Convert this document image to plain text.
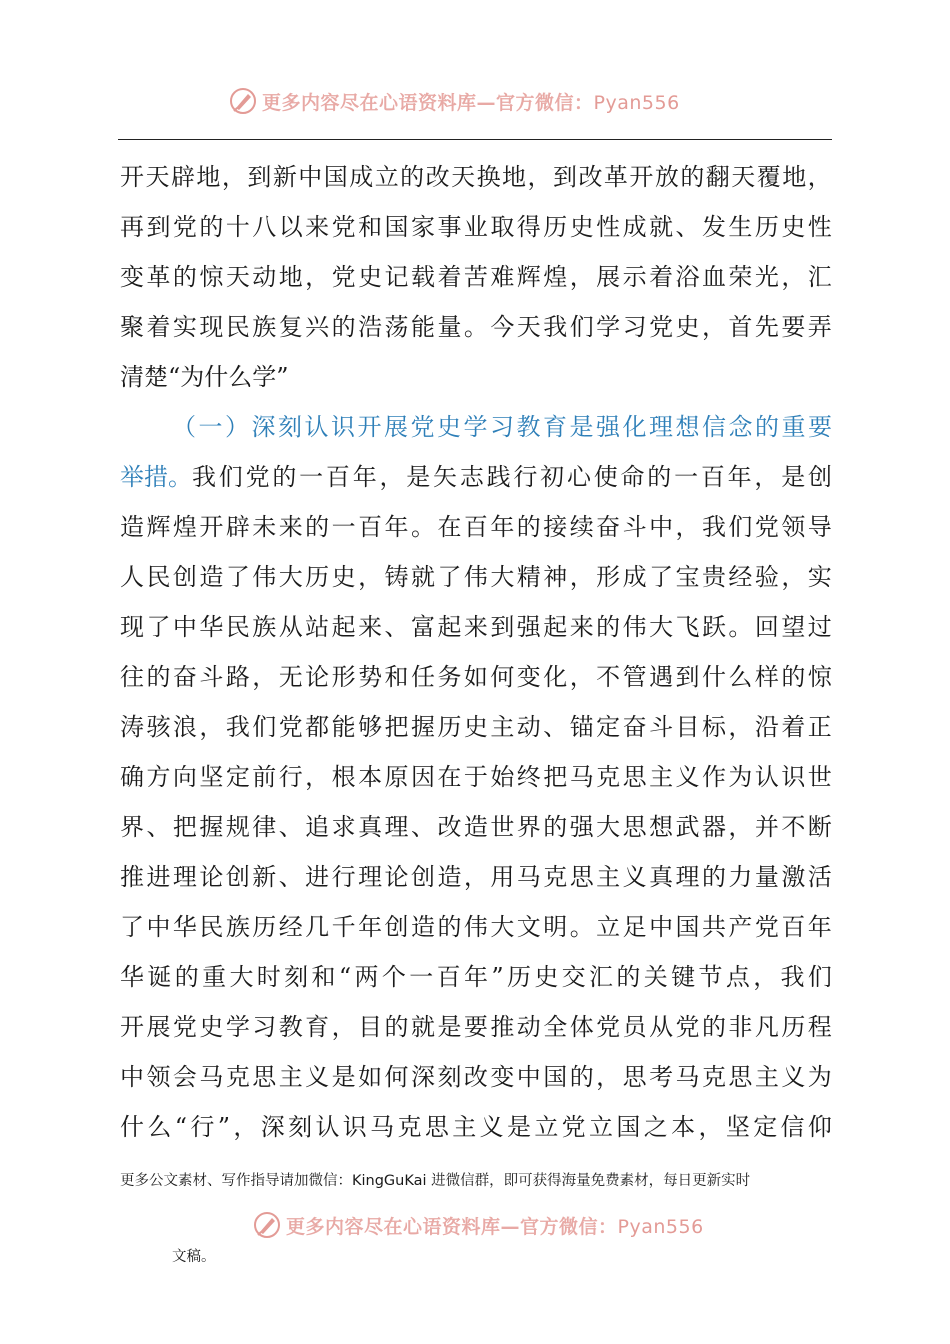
更多内容尽在心语资料库—官方微信：Pyan556
开 天 辟 地 ， 到 新 中 国 成 立 的 改 天 换 地 ， 到 改 革 开 放 的 翻 天 覆 地 ，
再 到 党 的 十 八 以 来 党 和 国 家 事 业 取 得 历 史 性 成 就 、 发 生 历 史 性
变 革 的 惊 天 动 地 ， 党 史 记 载 着 苦 难 辉 煌 ， 展 示 着 浴 血 荣 光 ， 汇
聚 着 实 现 民 族 复 兴 的 浩 荡 能 量 。 今 天 我 们 学 习 党 史 ， 首 先 要 弄
清楚“为什么学”
（ 一 ） 深 刻 认 识 开 展 党 史 学 习 教 育 是 强 化 理 想 信 念 的 重 要
举措。 我 们 党 的 一 百 年 ， 是 矢 志 践 行 初 心 使 命 的 一 百 年 ， 是 创
造 辉 煌 开 辟 未 来 的 一 百 年 。 在 百 年 的 接 续 奋 斗 中 ， 我 们 党 领 导
人 民 创 造 了 伟 大 历 史 ， 铸 就 了 伟 大 精 神 ， 形 成 了 宝 贵 经 验 ， 实
现 了 中 华 民 族 从 站 起 来 、 富 起 来 到 强 起 来 的 伟 大 飞 跃 。 回 望 过
往 的 奋 斗 路 ， 无 论 形 势 和 任 务 如 何 变 化 ， 不 管 遇 到 什 么 样 的 惊
涛 骇 浪 ， 我 们 党 都 能 够 把 握 历 史 主 动 、 锚 定 奋 斗 目 标 ， 沿 着 正
确 方 向 坚 定 前 行 ， 根 本 原 因 在 于 始 终 把 马 克 思 主 义 作 为 认 识 世
界 、 把 握 规 律 、 追 求 真 理 、 改 造 世 界 的 强 大 思 想 武 器 ， 并 不 断
推 进 理 论 创 新 、 进 行 理 论 创 造 ， 用 马 克 思 主 义 真 理 的 力 量 激 活
了 中 华 民 族 历 经 几 千 年 创 造 的 伟 大 文 明 。 立 足 中 国 共 产 党 百 年
华 诞 的 重 大 时 刻 和 “ 两 个 一 百 年 ” 历 史 交 汇 的 关 键 节 点 ， 我 们
开 展 党 史 学 习 教 育 ， 目 的 就 是 要 推 动 全 体 党 员 从 党 的 非 凡 历 程
中 领 会 马 克 思 主 义 是 如 何 深 刻 改 变 中 国 的 ， 思 考 马 克 思 主 义 为
什 么 “ 行 ” ， 深 刻 认 识 马 克 思 主 义 是 立 党 立 国 之 本 ， 坚 定 信 仰
更多公文素材、写作指导请加微信：KingGuKai 进微信群，即可获得海量免费素材，每日更新实时
更多内容尽在心语资料库—官方微信：Pyan556
文稿。
